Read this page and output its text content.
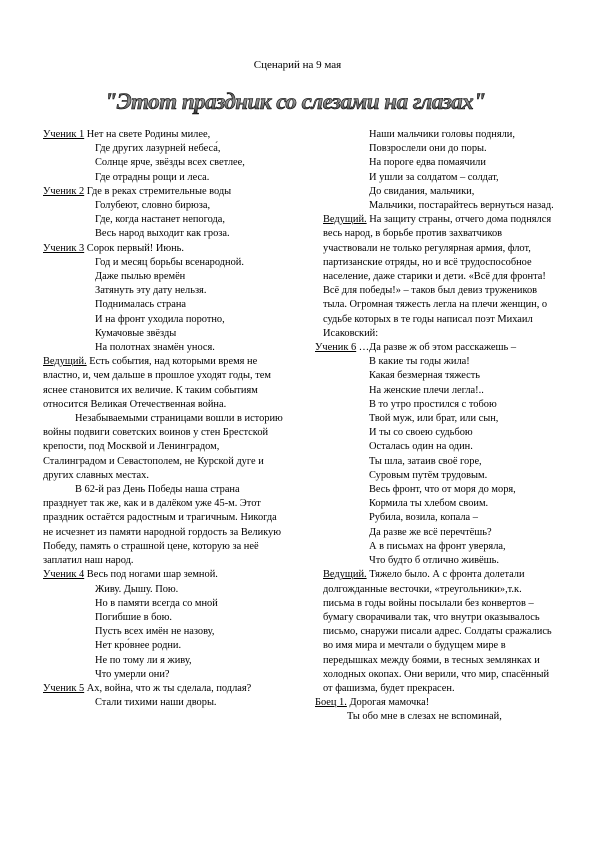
Сценарий на 9 мая
"Этот праздник со слезами на глазах"
Ученик 1 Нет на свете Родины милее,
Где других лазурней небеса́,
Солнце ярче, звёзды всех светлее,
Где отрадны рощи и леса.
Ученик 2 Где в реках стремительные воды
Голубеют, словно бирюза,
Где, когда настанет непогода,
Весь народ выходит как гроза.
Ученик 3 Сорок первый! Июнь.
Год и месяц борьбы всенародной.
Даже пылью времён
Затянуть эту дату нельзя.
Поднималась страна
И на фронт уходила поротно,
Кумачовые звёзды
На полотнах знамён унося.
Ведущий. Есть события, над которыми время не властно, и, чем дальше в прошлое уходят годы, тем яснее становится их величие. К таким событиям относится Великая Отечественная война.
Незабываемыми страницами вошли в историю войны подвиги советских воинов у стен Брестской крепости, под Москвой и Ленинградом, Сталинградом и Севастополем, не Курской дуге и других славных местах.
В 62-й раз День Победы наша страна празднует так же, как и в далёком уже 45-м. Этот праздник остаётся радостным и трагичным. Никогда не исчезнет из памяти народной гордость за Великую Победу, память о страшной цене, которую за неё заплатил наш народ.
Ученик 4 Весь под ногами шар земной.
Живу. Дышу. Пою.
Но в памяти всегда со мной
Погибшие в бою.
Пусть всех имён не назову,
Нет кро́внее родни.
Не по тому ли я живу,
Что умерли они?
Ученик 5 Ах, война, что ж ты сделала, подлая?
Стали тихими наши дворы.
Наши мальчики головы подняли,
Повзрослели они до поры.
На пороге едва помаячили
И ушли за солдатом – солдат,
До свидания, мальчики,
Мальчики, постарайтесь вернуться назад.
Ведущий. На защиту страны, отчего дома поднялся весь народ, в борьбе против захватчиков участвовали не только регулярная армия, флот, партизанские отряды, но и всё трудоспособное население, даже старики и дети. «Всё для фронта! Всё для победы!» – таков был девиз тружеников тыла. Огромная тяжесть легла на плечи женщин, о судьбе которых в те годы написал поэт Михаил Исаковский:
Ученик 6 …Да разве ж об этом расскажешь –
В какие ты годы жила!
Какая безмерная тяжесть
На женские плечи легла!..
В то утро простился с тобою
Твой муж, или брат, или сын,
И ты со своею судьбою
Осталась один на один.
Ты шла, затаив своё горе,
Суровым путём трудовым.
Весь фронт, что от моря до моря,
Кормила ты хлебом своим.
Рубила, возила, копала –
Да разве же всё перечтёшь?
А в письмах на фронт уверяла,
Что будто б отлично живёшь.
Ведущий. Тяжело было. А с фронта долетали долгожданные весточки, «треугольники»,т.к. письма в годы войны посылали без конвертов – бумагу сворачивали так, что внутри оказывалось письмо, снаружи писали адрес. Солдаты сражались во имя мира и мечтали о будущем мире в передышках между боями, в тесных землянках и холодных окопах. Они верили, что мир, спасённый от фашизма, будет прекрасен.
Боец 1. Дорогая мамочка!
Ты обо мне в слезах не вспоминай,
